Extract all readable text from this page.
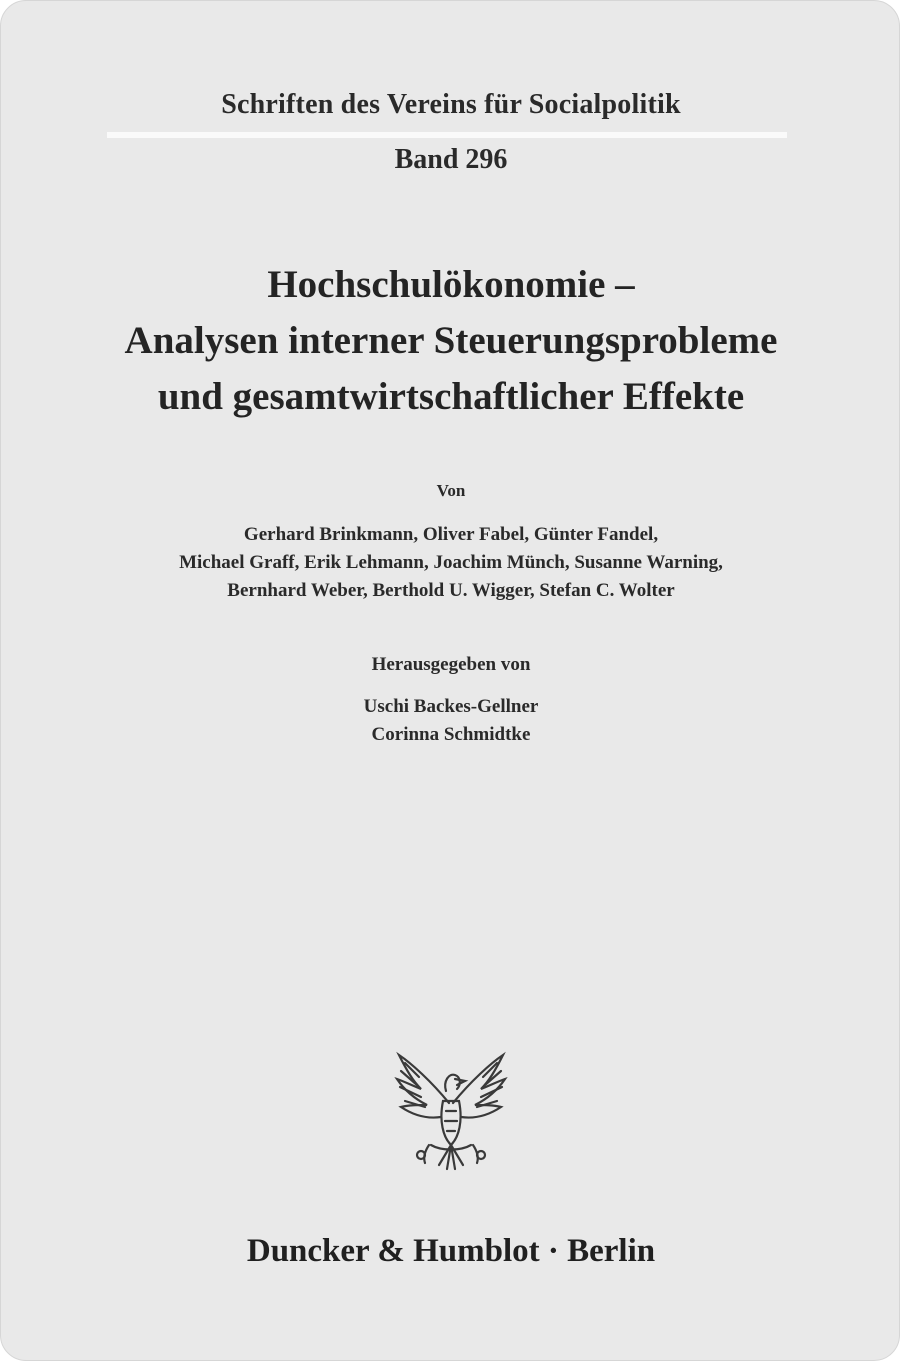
Schriften des Vereins für Socialpolitik
Band 296
Hochschulökonomie –
Analysen interner Steuerungsprobleme
und gesamtwirtschaftlicher Effekte
Von
Gerhard Brinkmann, Oliver Fabel, Günter Fandel,
Michael Graff, Erik Lehmann, Joachim Münch, Susanne Warning,
Bernhard Weber, Berthold U. Wigger, Stefan C. Wolter
Herausgegeben von
Uschi Backes-Gellner
Corinna Schmidtke
Duncker & Humblot · Berlin
